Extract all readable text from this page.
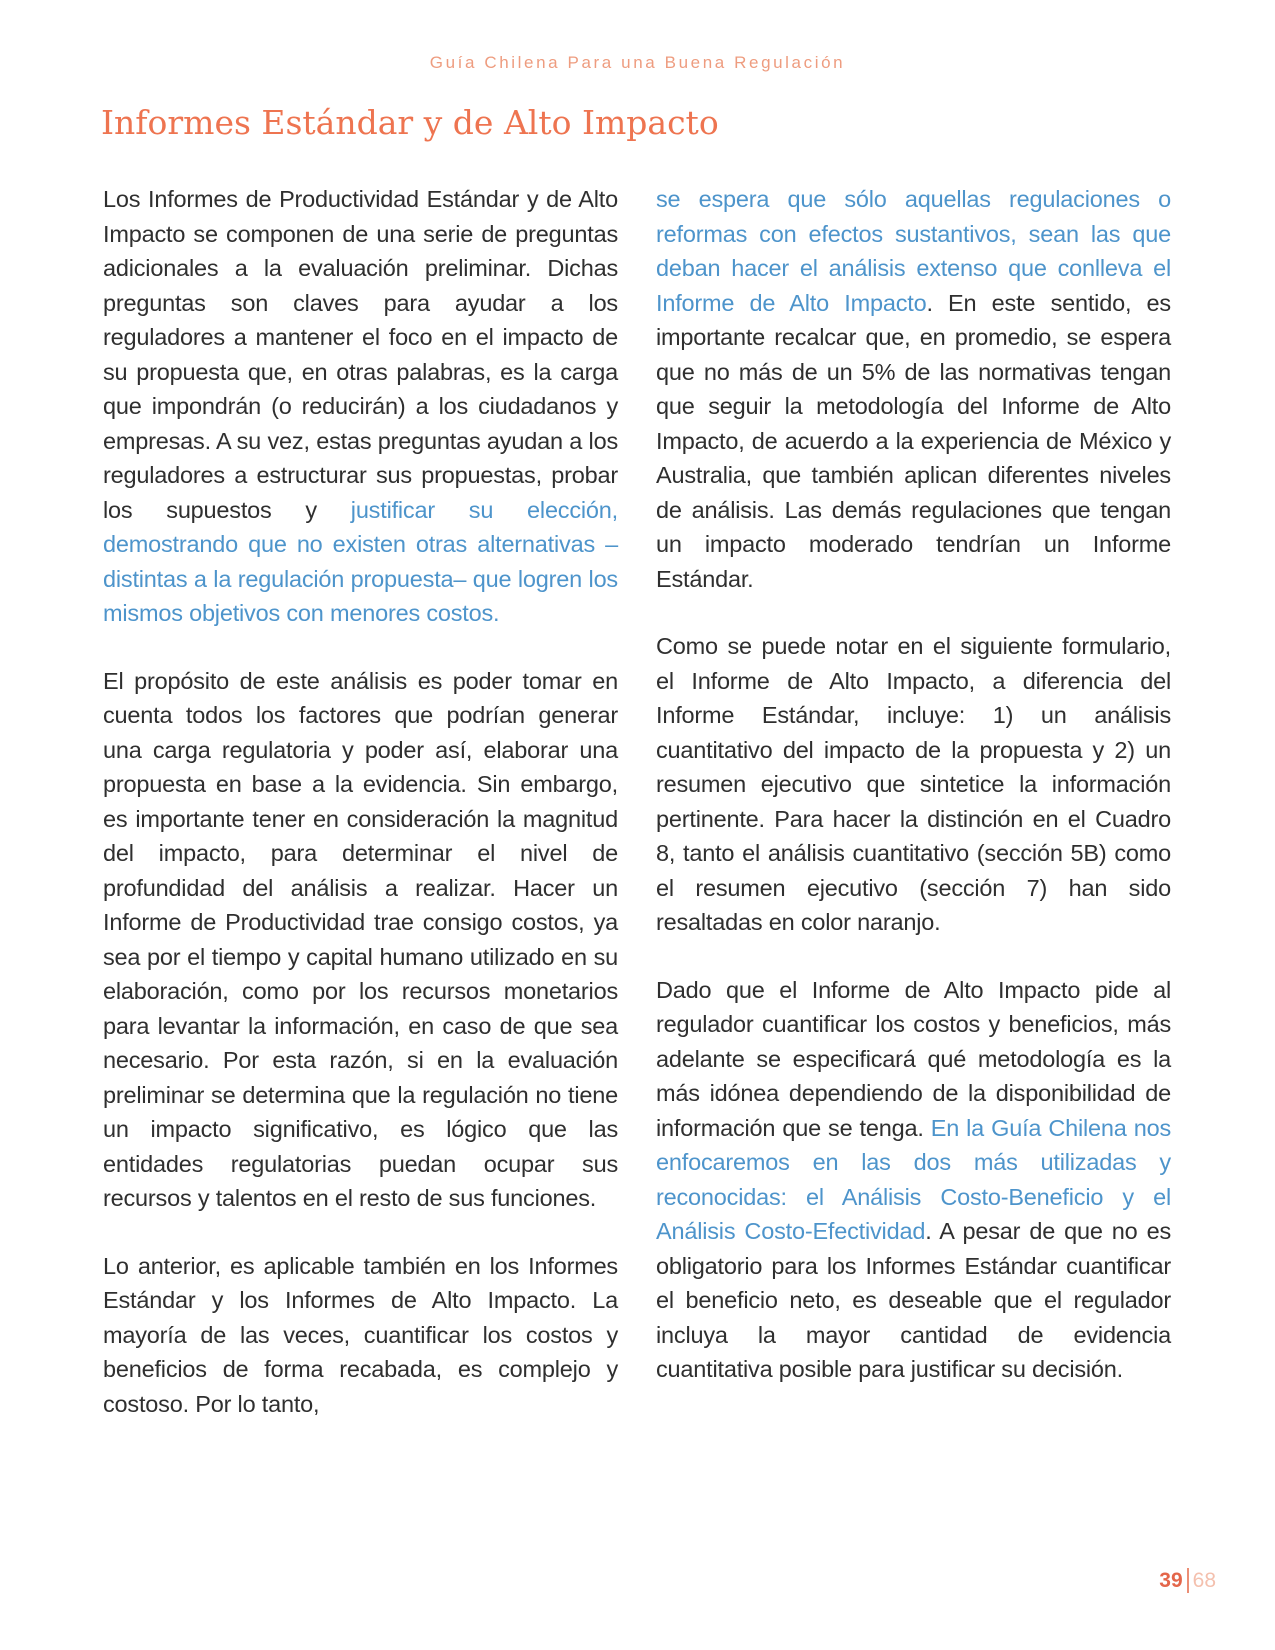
Guía Chilena Para una Buena Regulación
Informes Estándar y de Alto Impacto

Los Informes de Productividad Estándar y de Alto Impacto se componen de una serie de preguntas adicionales a la evaluación preliminar. Dichas preguntas son claves para ayudar a los reguladores a mantener el foco en el impacto de su propuesta que, en otras palabras, es la carga que impondrán (o reducirán) a los ciudadanos y empresas. A su vez, estas preguntas ayudan a los reguladores a estructurar sus propuestas, probar los supuestos y justificar su elección, demostrando que no existen otras alternativas –distintas a la regulación propuesta– que logren los mismos objetivos con menores costos.

El propósito de este análisis es poder tomar en cuenta todos los factores que podrían generar una carga regulatoria y poder así, elaborar una propuesta en base a la evidencia. Sin embargo, es importante tener en consideración la magnitud del impacto, para determinar el nivel de profundidad del análisis a realizar. Hacer un Informe de Productividad trae consigo costos, ya sea por el tiempo y capital humano utilizado en su elaboración, como por los recursos monetarios para levantar la información, en caso de que sea necesario. Por esta razón, si en la evaluación preliminar se determina que la regulación no tiene un impacto significativo, es lógico que las entidades regulatorias puedan ocupar sus recursos y talentos en el resto de sus funciones.

Lo anterior, es aplicable también en los Informes Estándar y los Informes de Alto Impacto. La mayoría de las veces, cuantificar los costos y beneficios de forma recabada, es complejo y costoso. Por lo tanto,

se espera que sólo aquellas regulaciones o reformas con efectos sustantivos, sean las que deban hacer el análisis extenso que conlleva el Informe de Alto Impacto. En este sentido, es importante recalcar que, en promedio, se espera que no más de un 5% de las normativas tengan que seguir la metodología del Informe de Alto Impacto, de acuerdo a la experiencia de México y Australia, que también aplican diferentes niveles de análisis. Las demás regulaciones que tengan un impacto moderado tendrían un Informe Estándar.

Como se puede notar en el siguiente formulario, el Informe de Alto Impacto, a diferencia del Informe Estándar, incluye: 1) un análisis cuantitativo del impacto de la propuesta y 2) un resumen ejecutivo que sintetice la información pertinente. Para hacer la distinción en el Cuadro 8, tanto el análisis cuantitativo (sección 5B) como el resumen ejecutivo (sección 7) han sido resaltadas en color naranjo.

Dado que el Informe de Alto Impacto pide al regulador cuantificar los costos y beneficios, más adelante se especificará qué metodología es la más idónea dependiendo de la disponibilidad de información que se tenga. En la Guía Chilena nos enfocaremos en las dos más utilizadas y reconocidas: el Análisis Costo-Beneficio y el Análisis Costo-Efectividad. A pesar de que no es obligatorio para los Informes Estándar cuantificar el beneficio neto, es deseable que el regulador incluya la mayor cantidad de evidencia cuantitativa posible para justificar su decisión.

39 68
